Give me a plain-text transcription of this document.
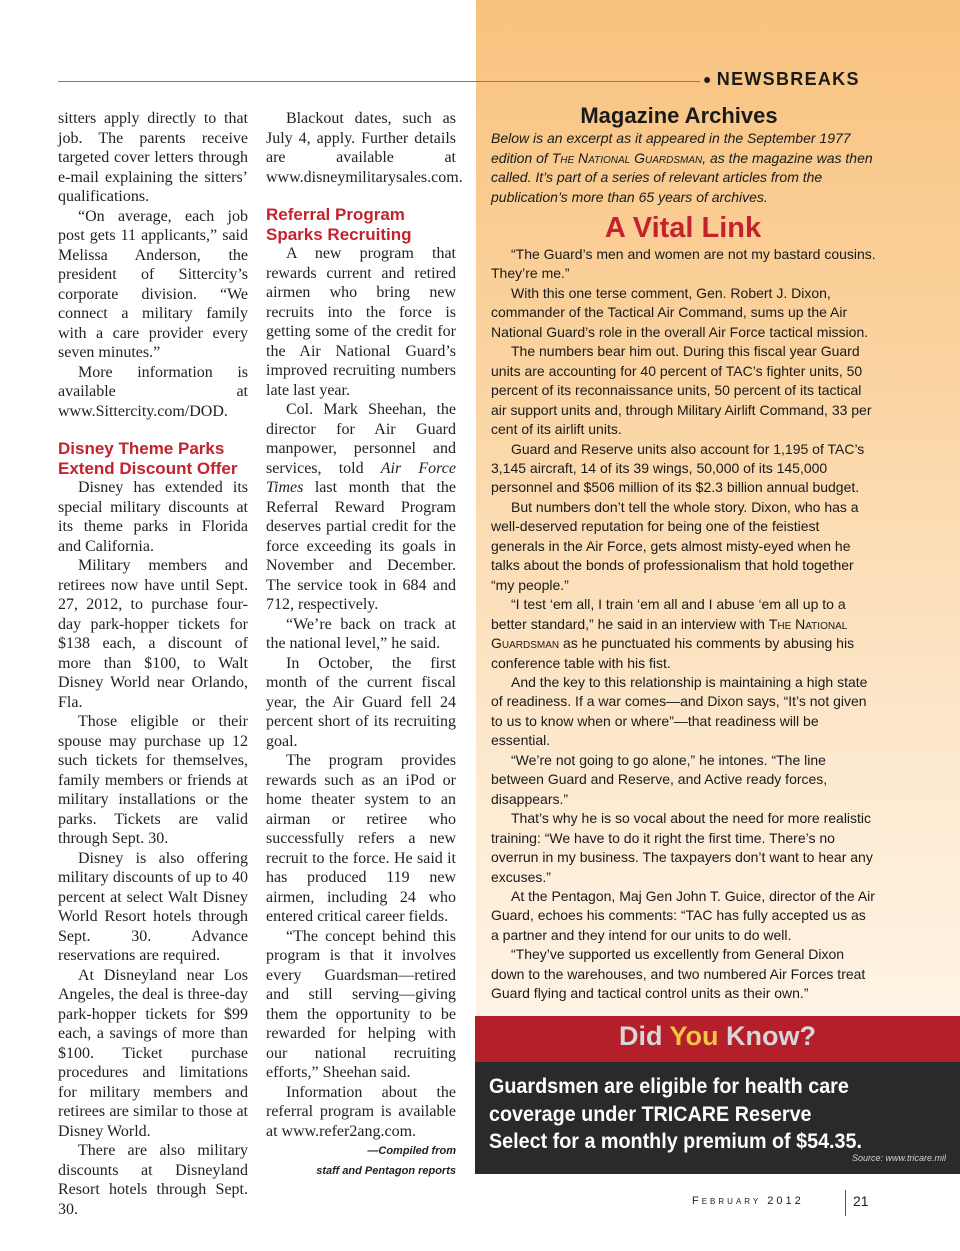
● NEWSBREAKS

sitters apply directly to that job. The parents receive targeted cover letters through e-mail explaining the sitters’ qualifications.

“On average, each job post gets 11 applicants,” said Melissa Anderson, the president of Sittercity’s corporate division. “We connect a military family with a care provider every seven minutes.”

More information is available at www.Sittercity.com/DOD.

Disney Theme Parks Extend Discount Offer

Disney has extended its special military discounts at its theme parks in Florida and California.

Military members and retirees now have until Sept. 27, 2012, to purchase four-day park-hopper tickets for $138 each, a discount of more than $100, to Walt Disney World near Orlando, Fla.

Those eligible or their spouse may purchase up 12 such tickets for themselves, family members or friends at military installations or the parks. Tickets are valid through Sept. 30.

Disney is also offering military discounts of up to 40 percent at select Walt Disney World Resort hotels through Sept. 30. Advance reservations are required.

At Disneyland near Los Angeles, the deal is three-day park-hopper tickets for $99 each, a savings of more than $100. Ticket purchase procedures and limitations for military members and retirees are similar to those at Disney World.

There are also military discounts at Disneyland Resort hotels through Sept. 30.

Blackout dates, such as July 4, apply. Further details are available at www.disneymilitarysales.com.

Referral Program Sparks Recruiting

A new program that rewards current and retired airmen who bring new recruits into the force is getting some of the credit for the Air National Guard’s improved recruiting numbers late last year.

Col. Mark Sheehan, the director for Air Guard manpower, personnel and services, told Air Force Times last month that the Referral Reward Program deserves partial credit for the force exceeding its goals in November and December. The service took in 684 and 712, respectively.

“We’re back on track at the national level,” he said.

In October, the first month of the current fiscal year, the Air Guard fell 24 percent short of its recruiting goal.

The program provides rewards such as an iPod or home theater system to an airman or retiree who successfully refers a new recruit to the force. He said it has produced 119 new airmen, including 24 who entered critical career fields.

“The concept behind this program is that it involves every Guardsman—retired and still serving—giving them the opportunity to be rewarded for helping with our national recruiting efforts,” Sheehan said.

Information about the referral program is available at www.refer2ang.com.

—Compiled from
staff and Pentagon reports
Magazine Archives
Below is an excerpt as it appeared in the September 1977 edition of The National Guardsman, as the magazine was then called. It’s part of a series of relevant articles from the publication’s more than 65 years of archives.
A Vital Link

“The Guard’s men and women are not my bastard cousins. They’re me.”

With this one terse comment, Gen. Robert J. Dixon, commander of the Tactical Air Command, sums up the Air National Guard’s role in the overall Air Force tactical mission.

The numbers bear him out. During this fiscal year Guard units are accounting for 40 percent of TAC’s fighter units, 50 percent of its reconnaissance units, 50 percent of its tactical air support units and, through Military Airlift Command, 33 per cent of its airlift units.

Guard and Reserve units also account for 1,195 of TAC’s 3,145 aircraft, 14 of its 39 wings, 50,000 of its 145,000 personnel and $506 million of its $2.3 billion annual budget.

But numbers don’t tell the whole story. Dixon, who has a well-deserved reputation for being one of the feistiest generals in the Air Force, gets almost misty-eyed when he talks about the bonds of professionalism that hold together “my people.”

“I test ‘em all, I train ‘em all and I abuse ‘em all up to a better standard,” he said in an interview with The National Guardsman as he punctuated his comments by abusing his conference table with his fist.

And the key to this relationship is maintaining a high state of readiness. If a war comes—and Dixon says, “It’s not given to us to know when or where”—that readiness will be essential.

“We’re not going to go alone,” he intones. “The line between Guard and Reserve, and Active ready forces, disappears.”

That’s why he is so vocal about the need for more realistic training: “We have to do it right the first time. There’s no overrun in my business. The taxpayers don’t want to hear any excuses.”

At the Pentagon, Maj Gen John T. Guice, director of the Air Guard, echoes his comments: “TAC has fully accepted us as a partner and they intend for our units to do well.

“They’ve supported us excellently from General Dixon down to the warehouses, and two numbered Air Forces treat Guard flying and tactical control units as their own.”

Did You Know?
Guardsmen are eligible for health care coverage under TRICARE Reserve Select for a monthly premium of $54.35.
Source: www.tricare.mil
February 2012	21
